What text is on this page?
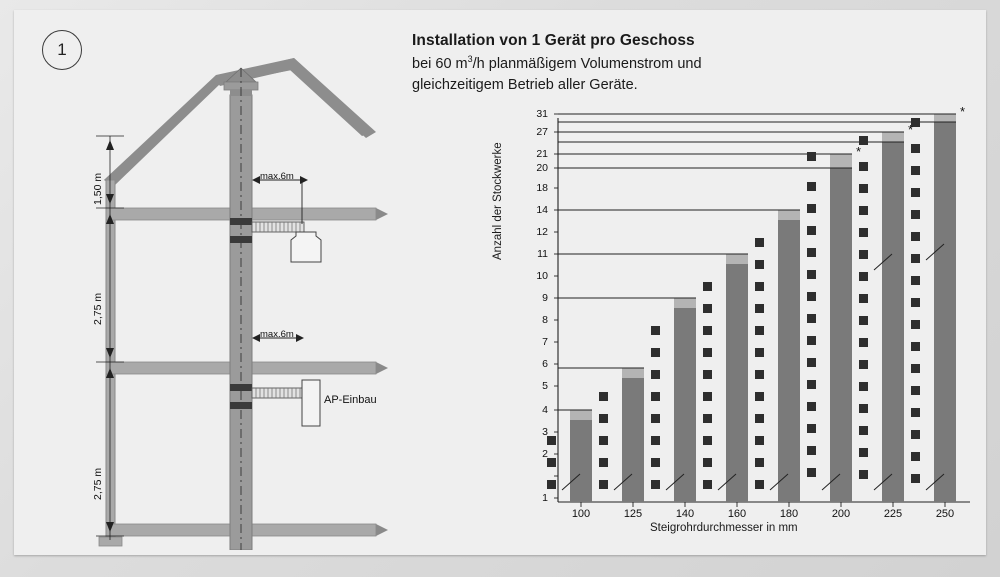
1	Installation von 1 Gerät pro Geschoss

bei 60 $m^3/h$ planmäßigem Volumenstrom und
gleichzeitigem Betrieb aller Geräte.

1,50 m
2,75 m
2,75 m
max.6m
max.6m
AP-Einbau
Anzahl der Stockwerke
Steigrohrdurchmesser in mm
31
27
21
20
18
14
12
11
10
9
8
7
6
5
4
3
2
1
*
*
*
100	125	140	160	180	200	225	250
